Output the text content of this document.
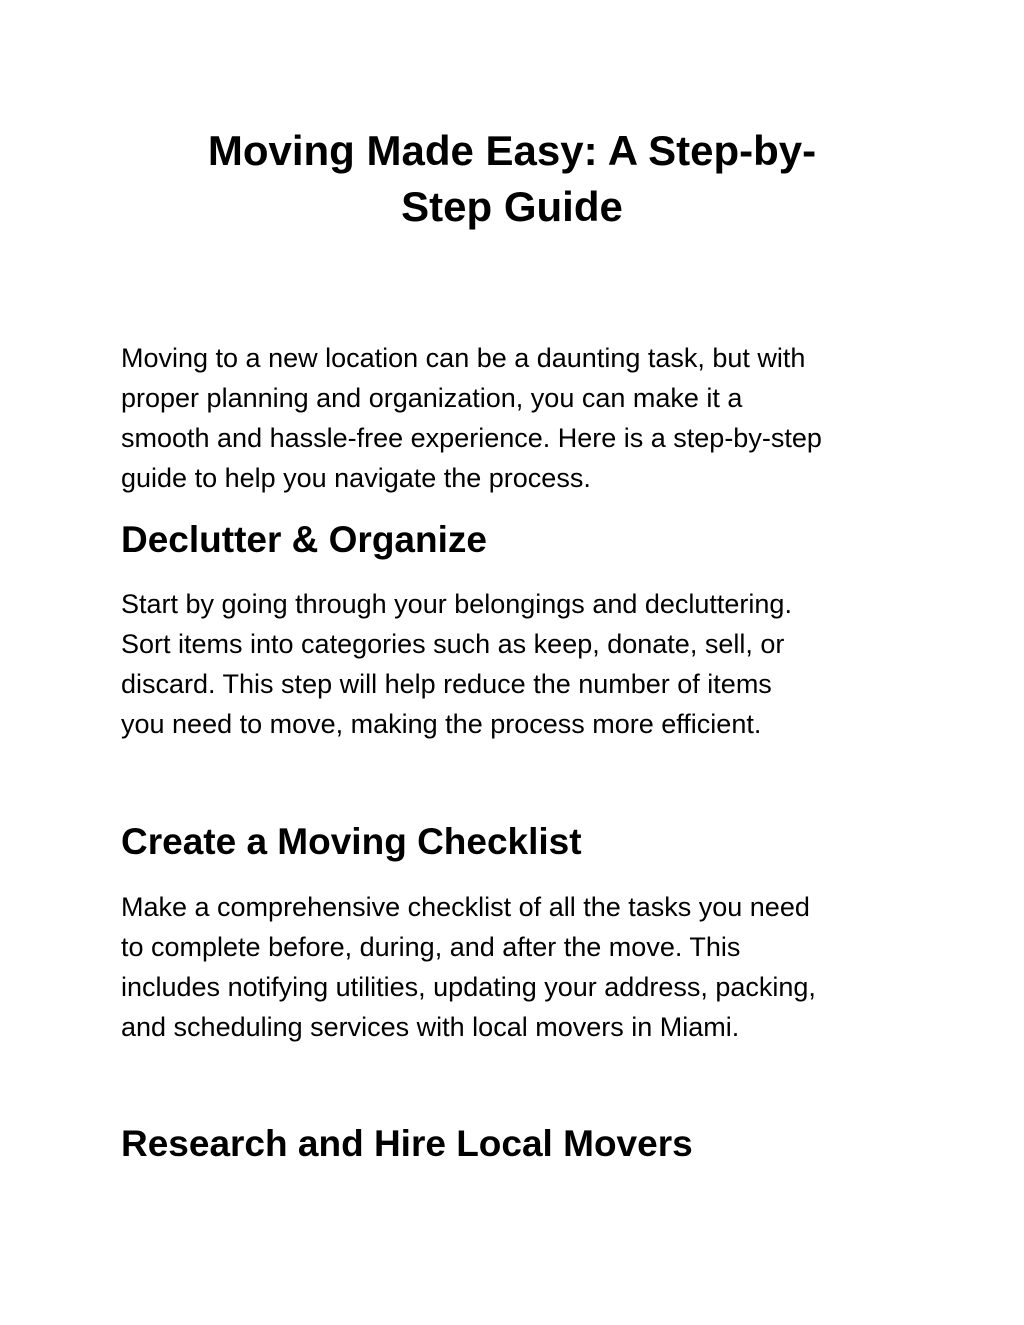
Moving Made Easy: A Step-by-
Step Guide

Moving to a new location can be a daunting task, but with
proper planning and organization, you can make it a
smooth and hassle-free experience. Here is a step-by-step
guide to help you navigate the process.

Declutter & Organize

Start by going through your belongings and decluttering.
Sort items into categories such as keep, donate, sell, or
discard. This step will help reduce the number of items
you need to move, making the process more efficient.

Create a Moving Checklist

Make a comprehensive checklist of all the tasks you need
to complete before, during, and after the move. This
includes notifying utilities, updating your address, packing,
and scheduling services with local movers in Miami.

Research and Hire Local Movers
